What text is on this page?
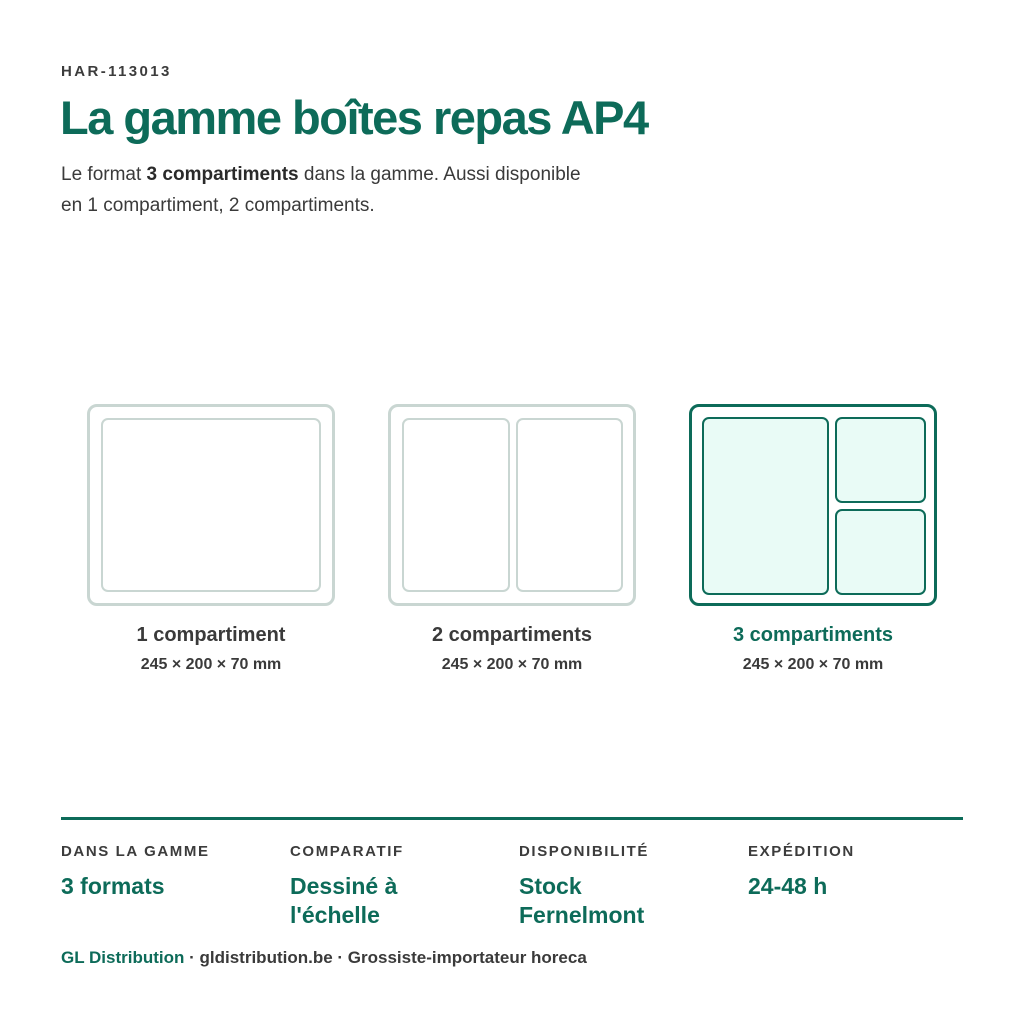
HAR-113013
La gamme boîtes repas AP4

Le format 3 compartiments dans la gamme. Aussi disponible en 1 compartiment, 2 compartiments.

1 compartiment
245 × 200 × 70 mm
2 compartiments
245 × 200 × 70 mm
3 compartiments
245 × 200 × 70 mm
DANS LA GAMME
3 formats
COMPARATIF
Dessiné à l'échelle
DISPONIBILITÉ
Stock Fernelmont
EXPÉDITION
24-48 h
GL Distribution · gldistribution.be · Grossiste-importateur horeca
